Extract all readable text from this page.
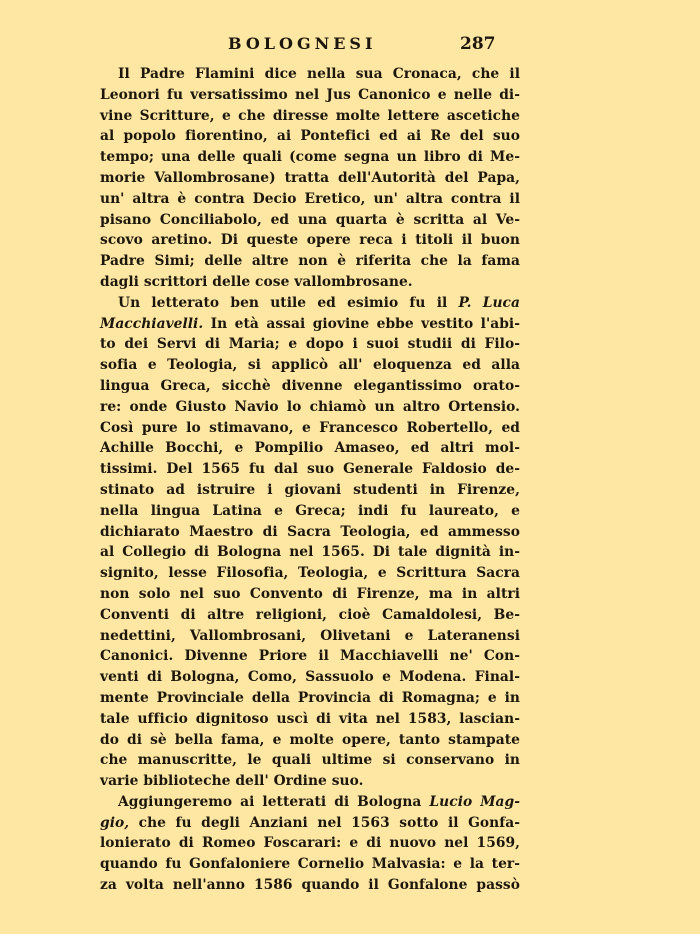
BOLOGNESI	287
Il Padre Flamini dice nella sua Cronaca, che il
Leonori fu versatissimo nel Jus Canonico e nelle di-
vine Scritture, e che diresse molte lettere ascetiche
al popolo fiorentino, ai Pontefici ed ai Re del suo
tempo; una delle quali (come segna un libro di Me-
morie Vallombrosane) tratta dell'Autorità del Papa,
un' altra è contra Decio Eretico, un' altra contra il
pisano Conciliabolo, ed una quarta è scritta al Ve-
scovo aretino. Di queste opere reca i titoli il buon
Padre Simi; delle altre non è riferita che la fama
dagli scrittori delle cose vallombrosane.
Un letterato ben utile ed esimio fu il P. Luca
Macchiavelli. In età assai giovine ebbe vestito l'abi-
to dei Servi di Maria; e dopo i suoi studii di Filo-
sofia e Teologia, si applicò all' eloquenza ed alla
lingua Greca, sicchè divenne elegantissimo orato-
re: onde Giusto Navio lo chiamò un altro Ortensio.
Così pure lo stimavano, e Francesco Robertello, ed
Achille Bocchi, e Pompilio Amaseo, ed altri mol-
tissimi. Del 1565 fu dal suo Generale Faldosio de-
stinato ad istruire i giovani studenti in Firenze,
nella lingua Latina e Greca; indi fu laureato, e
dichiarato Maestro di Sacra Teologia, ed ammesso
al Collegio di Bologna nel 1565. Di tale dignità in-
signito, lesse Filosofia, Teologia, e Scrittura Sacra
non solo nel suo Convento di Firenze, ma in altri
Conventi di altre religioni, cioè Camaldolesi, Be-
nedettini, Vallombrosani, Olivetani e Lateranensi
Canonici. Divenne Priore il Macchiavelli ne' Con-
venti di Bologna, Como, Sassuolo e Modena. Final-
mente Provinciale della Provincia di Romagna; e in
tale ufficio dignitoso uscì di vita nel 1583, lascian-
do di sè bella fama, e molte opere, tanto stampate
che manuscritte, le quali ultime si conservano in
varie biblioteche dell' Ordine suo.
Aggiungeremo ai letterati di Bologna Lucio Mag-
gio, che fu degli Anziani nel 1563 sotto il Gonfa-
lonierato di Romeo Foscarari: e di nuovo nel 1569,
quando fu Gonfaloniere Cornelio Malvasia: e la ter-
za volta nell'anno 1586 quando il Gonfalone passò
